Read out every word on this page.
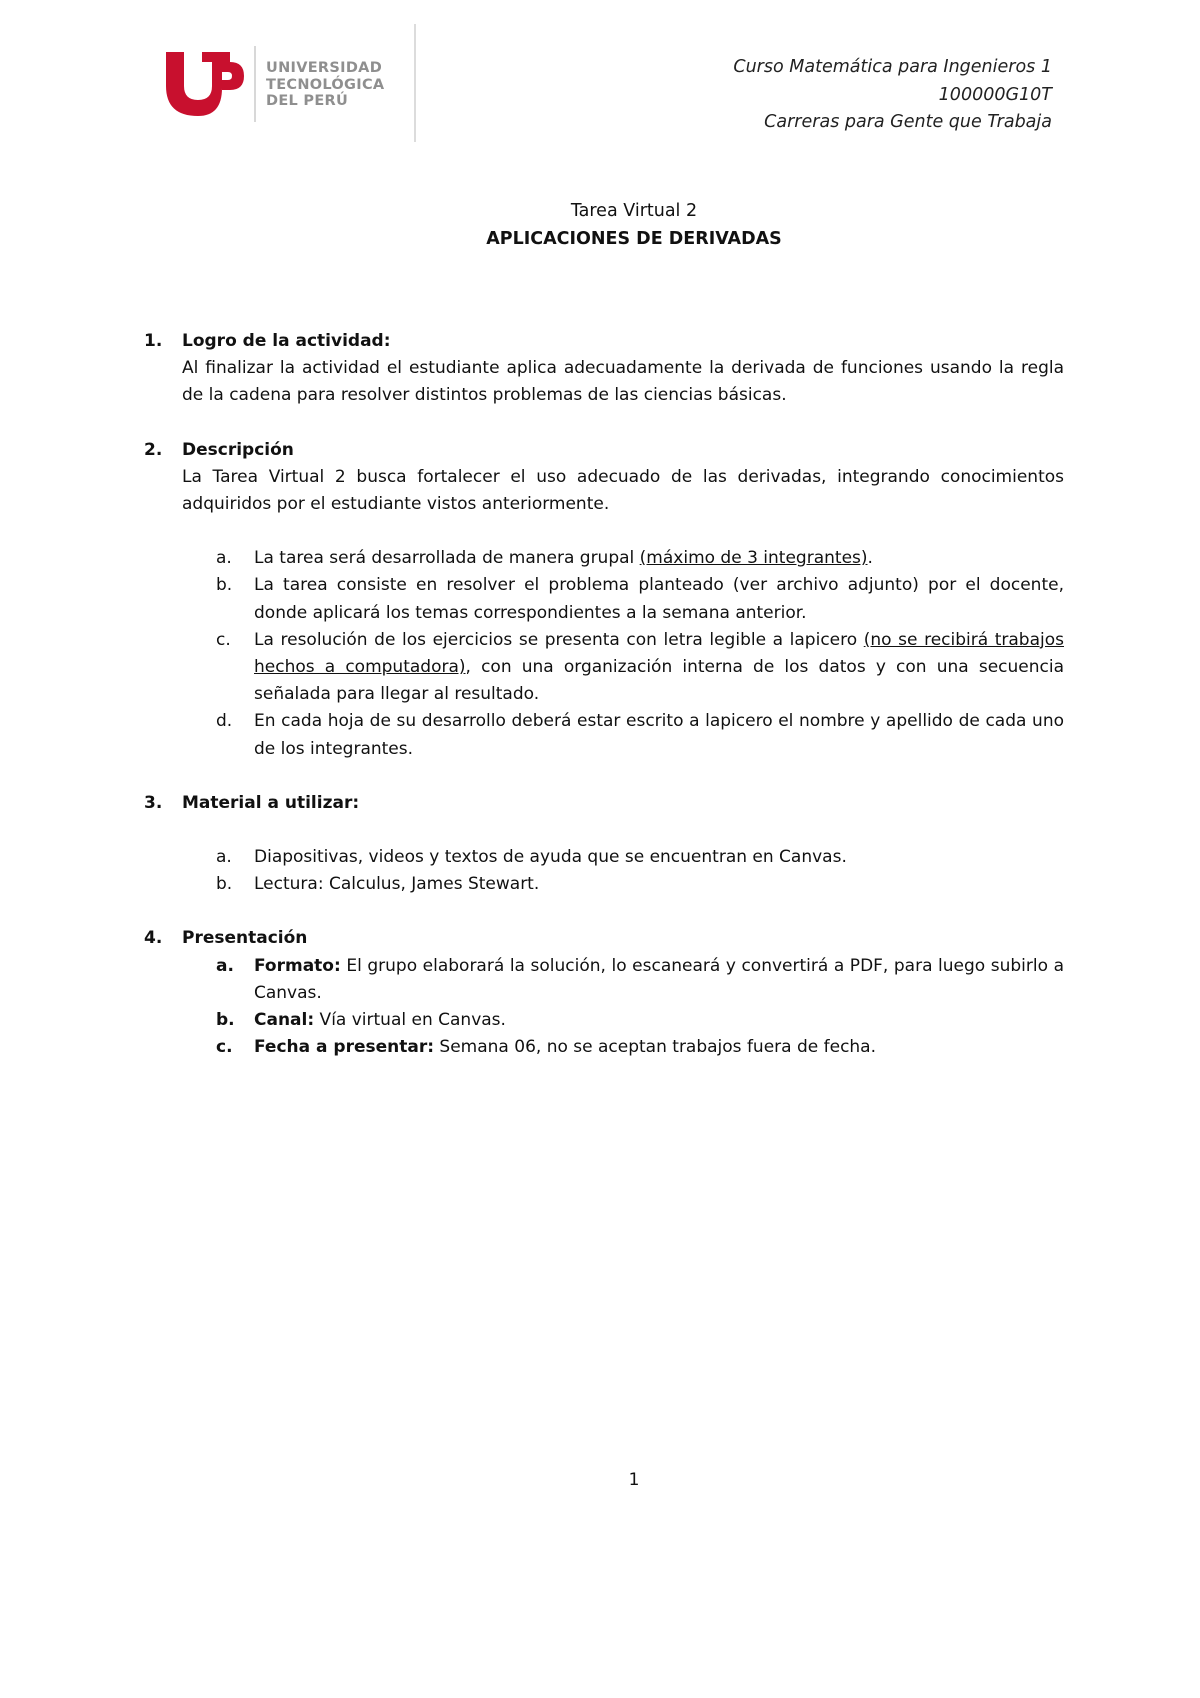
UNIVERSIDAD
TECNOLÓGICA
DEL PERÚ

Curso Matemática para Ingenieros 1
100000G10T
Carreras para Gente que Trabaja
Tarea Virtual 2
APLICACIONES DE DERIVADAS
1. Logro de la actividad:
Al finalizar la actividad el estudiante aplica adecuadamente la derivada de funciones usando la regla de la cadena para resolver distintos problemas de las ciencias básicas.
2. Descripción
La Tarea Virtual 2 busca fortalecer el uso adecuado de las derivadas, integrando conocimientos adquiridos por el estudiante vistos anteriormente.
a. La tarea será desarrollada de manera grupal (máximo de 3 integrantes).
b. La tarea consiste en resolver el problema planteado (ver archivo adjunto) por el docente, donde aplicará los temas correspondientes a la semana anterior.
c. La resolución de los ejercicios se presenta con letra legible a lapicero (no se recibirá trabajos hechos a computadora), con una organización interna de los datos y con una secuencia señalada para llegar al resultado.
d. En cada hoja de su desarrollo deberá estar escrito a lapicero el nombre y apellido de cada uno de los integrantes.
3. Material a utilizar:
a. Diapositivas, videos y textos de ayuda que se encuentran en Canvas.
b. Lectura: Calculus, James Stewart.
4. Presentación
a. Formato: El grupo elaborará la solución, lo escaneará y convertirá a PDF, para luego subirlo a Canvas.
b. Canal: Vía virtual en Canvas.
c. Fecha a presentar: Semana 06, no se aceptan trabajos fuera de fecha.
1
